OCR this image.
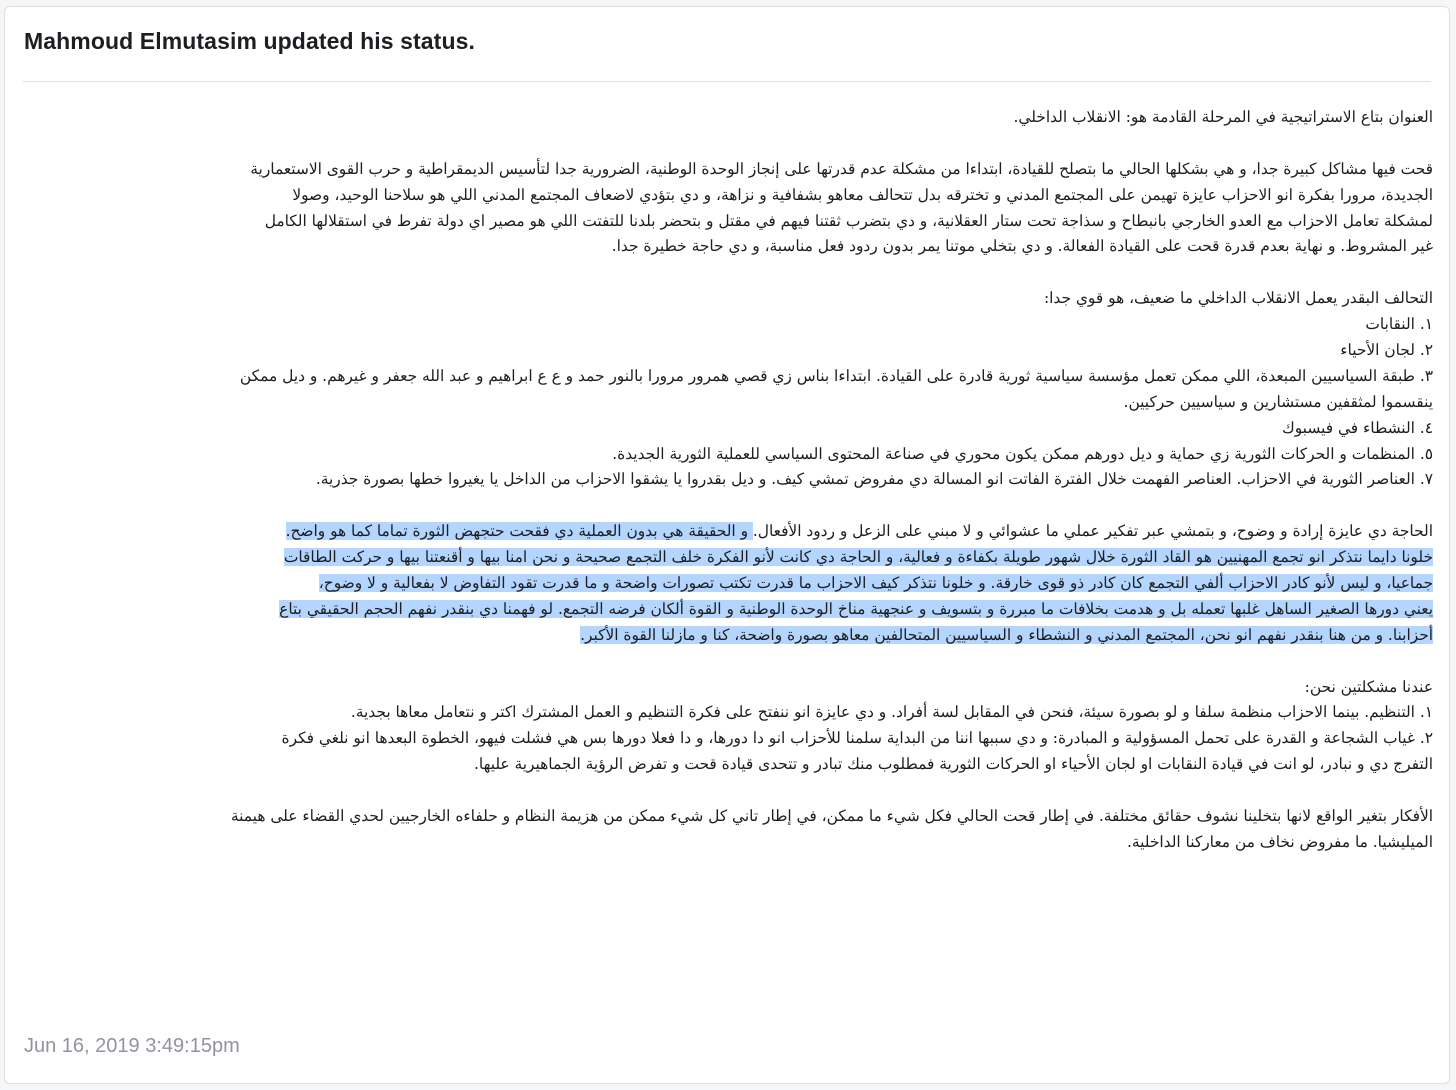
Mahmoud Elmutasim updated his status.

العنوان بتاع الاستراتيجية في المرحلة القادمة هو: الانقلاب الداخلي.

قحت فيها مشاكل كبيرة جدا، و هي بشكلها الحالي ما بتصلح للقيادة، ابتداءا من مشكلة عدم قدرتها على إنجاز الوحدة الوطنية، الضرورية جدا لتأسيس الديمقراطية و حرب القوى الاستعمارية
الجديدة، مرورا بفكرة انو الاحزاب عايزة تهيمن على المجتمع المدني و تخترقه بدل تتحالف معاهو بشفافية و نزاهة، و دي بتؤدي لاضعاف المجتمع المدني اللي هو سلاحنا الوحيد، وصولا
لمشكلة تعامل الاحزاب مع العدو الخارجي بانبطاح و سذاجة تحت ستار العقلانية، و دي بتضرب ثقتنا فيهم في مقتل و بتحضر بلدنا للتفتت اللي هو مصير اي دولة تفرط في استقلالها الكامل
غير المشروط. و نهاية بعدم قدرة قحت على القيادة الفعالة. و دي بتخلي موتنا يمر بدون ردود فعل مناسبة، و دي حاجة خطيرة جدا.

التحالف البقدر يعمل الانقلاب الداخلي ما ضعيف، هو قوي جدا:
١. النقابات
٢. لجان الأحياء
٣. طبقة السياسيين المبعدة، اللي ممكن تعمل مؤسسة سياسية ثورية قادرة على القيادة. ابتداءا بناس زي قصي همرور مرورا بالنور حمد و ع ع ابراهيم و عبد الله جعفر و غيرهم. و ديل ممكن
ينقسموا لمثقفين مستشارين و سياسيين حركيين.
٤. النشطاء في فيسبوك
٥. المنظمات و الحركات الثورية زي حماية و ديل دورهم ممكن يكون محوري في صناعة المحتوى السياسي للعملية الثورية الجديدة.
٧. العناصر الثورية في الاحزاب. العناصر الفهمت خلال الفترة الفاتت انو المسالة دي مفروض تمشي كيف. و ديل بقدروا يا يشقوا الاحزاب من الداخل يا يغيروا خطها بصورة جذرية.

الحاجة دي عايزة إرادة و وضوح، و بتمشي عبر تفكير عملي ما عشوائي و لا مبني على الزعل و ردود الأفعال. و الحقيقة هي بدون العملية دي فقحت حتجهض الثورة تماما كما هو واضح.
خلونا دايما نتذكر انو تجمع المهنيين هو القاد الثورة خلال شهور طويلة بكفاءة و فعالية، و الحاجة دي كانت لأنو الفكرة خلف التجمع صحيحة و نحن امنا بيها و أقنعتنا بيها و حركت الطاقات
جماعيا، و ليس لأنو كادر الاحزاب ألفي التجمع كان كادر ذو قوى خارقة. و خلونا نتذكر كيف الاحزاب ما قدرت تكتب تصورات واضحة و ما قدرت تقود التفاوض لا بفعالية و لا وضوح،
يعني دورها الصغير الساهل غلبها تعمله بل و هدمت بخلافات ما مبررة و بتسويف و عنجهية مناخ الوحدة الوطنية و القوة ألكان فرضه التجمع. لو فهمنا دي بنقدر نفهم الحجم الحقيقي بتاع
أحزابنا. و من هنا بنقدر نفهم انو نحن، المجتمع المدني و النشطاء و السياسيين المتحالفين معاهو بصورة واضحة، كنا و مازلنا القوة الأكبر.

عندنا مشكلتين نحن:
١. التنظيم. بينما الاحزاب منظمة سلفا و لو بصورة سيئة، فنحن في المقابل لسة أفراد. و دي عايزة انو ننفتح على فكرة التنظيم و العمل المشترك اكتر و نتعامل معاها بجدية.
٢. غياب الشجاعة و القدرة على تحمل المسؤولية و المبادرة: و دي سببها اننا من البداية سلمنا للأحزاب انو دا دورها، و دا فعلا دورها بس هي فشلت فيهو، الخطوة البعدها انو نلغي فكرة
التفرج دي و نبادر، لو انت في قيادة النقابات او لجان الأحياء او الحركات الثورية فمطلوب منك تبادر و تتحدى قيادة قحت و تفرض الرؤية الجماهيرية عليها.

الأفكار بتغير الواقع لانها بتخلينا نشوف حقائق مختلفة. في إطار قحت الحالي فكل شيء ما ممكن، في إطار تاني كل شيء ممكن من هزيمة النظام و حلفاءه الخارجيين لحدي القضاء على هيمنة
الميليشيا. ما مفروض نخاف من معاركنا الداخلية.

Jun 16, 2019 3:49:15pm
